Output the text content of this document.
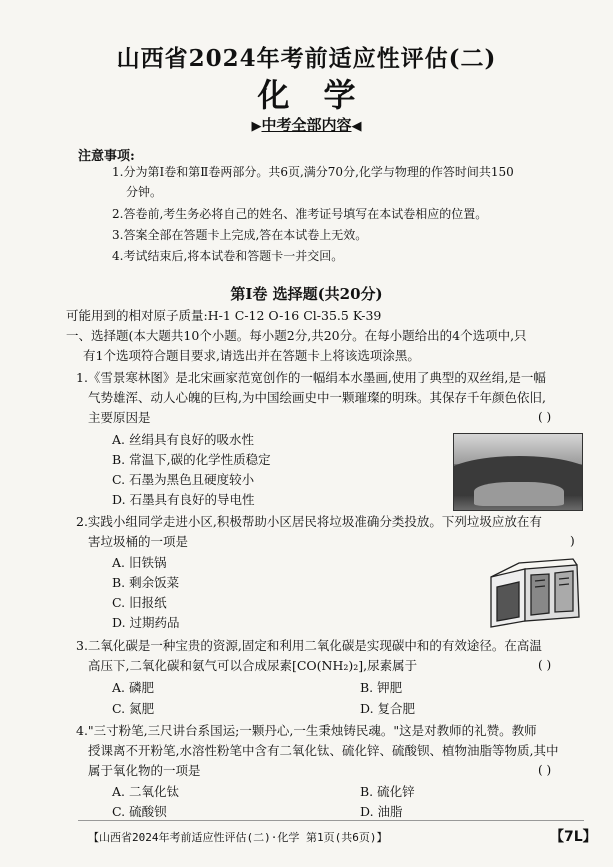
山西省2024年考前适应性评估(二)
化学
▶中考全部内容◀
注意事项:
1.分为第Ⅰ卷和第Ⅱ卷两部分。共6页,满分70分,化学与物理的作答时间共150
分钟。
2.答卷前,考生务必将自己的姓名、准考证号填写在本试卷相应的位置。
3.答案全部在答题卡上完成,答在本试卷上无效。
4.考试结束后,将本试卷和答题卡一并交回。
第Ⅰ卷 选择题(共20分)
可能用到的相对原子质量:H-1 C-12 O-16 Cl-35.5 K-39
一、选择题(本大题共10个小题。每小题2分,共20分。在每小题给出的4个选项中,只
有1个选项符合题目要求,请选出并在答题卡上将该选项涂黑。
1.《雪景寒林图》是北宋画家范宽创作的一幅绢本水墨画,使用了典型的双丝绢,是一幅
气势雄浑、动人心魄的巨构,为中国绘画史中一颗璀璨的明珠。其保存千年颜色依旧,
主要原因是	( )
A. 丝绢具有良好的吸水性
B. 常温下,碳的化学性质稳定
C. 石墨为黑色且硬度较小
D. 石墨具有良好的导电性
2.实践小组同学走进小区,积极帮助小区居民将垃圾准确分类投放。下列垃圾应放在有
害垃圾桶的一项是	)
A. 旧铁锅
B. 剩余饭菜
C. 旧报纸
D. 过期药品
3.二氧化碳是一种宝贵的资源,固定和利用二氧化碳是实现碳中和的有效途径。在高温
高压下,二氧化碳和氨气可以合成尿素[CO(NH₂)₂],尿素属于	( )
A. 磷肥	B. 钾肥
C. 氮肥	D. 复合肥
4."三寸粉笔,三尺讲台系国运;一颗丹心,一生秉烛铸民魂。"这是对教师的礼赞。教师
授课离不开粉笔,水溶性粉笔中含有二氧化钛、硫化锌、硫酸钡、植物油脂等物质,其中
属于氧化物的一项是	( )
A. 二氧化钛	B. 硫化锌
C. 硫酸钡	D. 油脂
【山西省2024年考前适应性评估(二)·化学 第1页(共6页)】	【7L】
